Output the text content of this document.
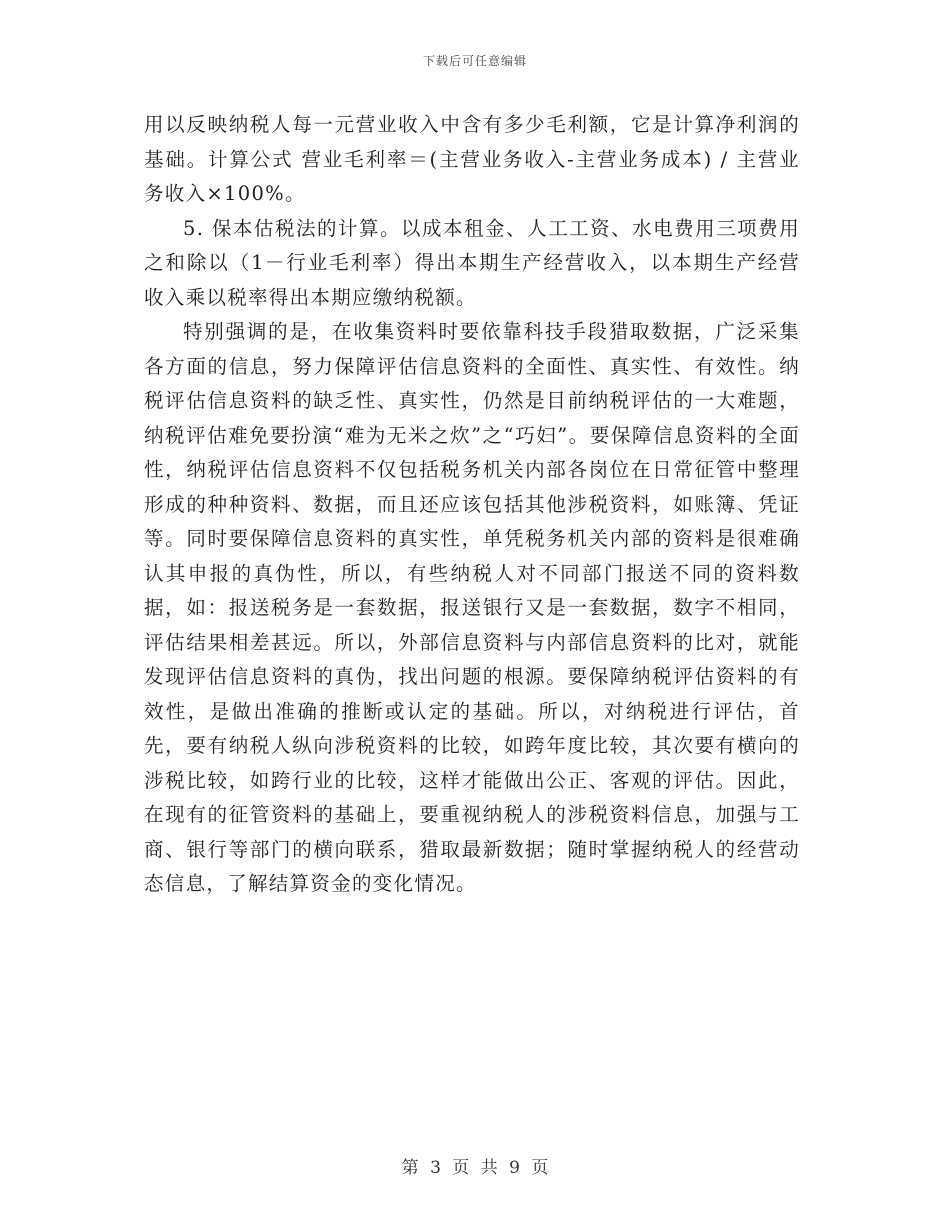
下载后可任意编辑

用以反映纳税人每一元营业收入中含有多少毛利额，它是计算净利润的基础。计算公式 营业毛利率＝(主营业务收入-主营业务成本) / 主营业务收入×100%。

5. 保本估税法的计算。以成本租金、人工工资、水电费用三项费用之和除以（1－行业毛利率）得出本期生产经营收入，以本期生产经营收入乘以税率得出本期应缴纳税额。

特别强调的是，在收集资料时要依靠科技手段猎取数据，广泛采集各方面的信息，努力保障评估信息资料的全面性、真实性、有效性。纳税评估信息资料的缺乏性、真实性，仍然是目前纳税评估的一大难题，纳税评估难免要扮演“难为无米之炊”之“巧妇”。要保障信息资料的全面性，纳税评估信息资料不仅包括税务机关内部各岗位在日常征管中整理形成的种种资料、数据，而且还应该包括其他涉税资料，如账簿、凭证等。同时要保障信息资料的真实性，单凭税务机关内部的资料是很难确认其申报的真伪性，所以，有些纳税人对不同部门报送不同的资料数据，如：报送税务是一套数据，报送银行又是一套数据，数字不相同，评估结果相差甚远。所以，外部信息资料与内部信息资料的比对，就能发现评估信息资料的真伪，找出问题的根源。要保障纳税评估资料的有效性，是做出准确的推断或认定的基础。所以，对纳税进行评估，首先，要有纳税人纵向涉税资料的比较，如跨年度比较，其次要有横向的涉税比较，如跨行业的比较，这样才能做出公正、客观的评估。因此，在现有的征管资料的基础上，要重视纳税人的涉税资料信息，加强与工商、银行等部门的横向联系，猎取最新数据；随时掌握纳税人的经营动态信息，了解结算资金的变化情况。

第 3 页 共 9 页
